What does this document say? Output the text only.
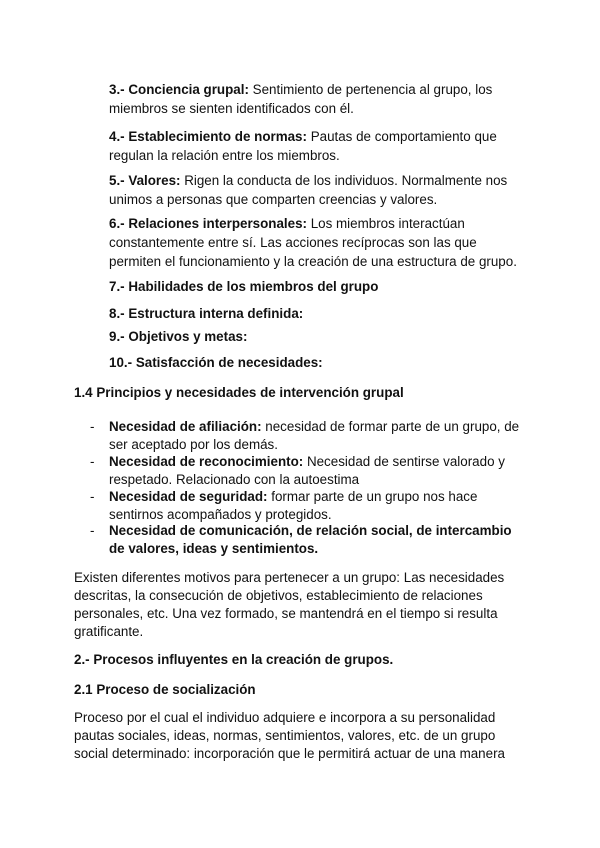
3.- Conciencia grupal: Sentimiento de pertenencia al grupo, los miembros se sienten identificados con él.
4.- Establecimiento de normas: Pautas de comportamiento que regulan la relación entre los miembros.
5.- Valores: Rigen la conducta de los individuos. Normalmente nos unimos a personas que comparten creencias y valores.
6.- Relaciones interpersonales: Los miembros interactúan constantemente entre sí. Las acciones recíprocas son las que permiten el funcionamiento y la creación de una estructura de grupo.
7.- Habilidades de los miembros del grupo
8.- Estructura interna definida:
9.- Objetivos y metas:
10.- Satisfacción de necesidades:
1.4 Principios y necesidades de intervención grupal
-	Necesidad de afiliación: necesidad de formar parte de un grupo, de ser aceptado por los demás.
-	Necesidad de reconocimiento: Necesidad de sentirse valorado y respetado. Relacionado con la autoestima
-	Necesidad de seguridad: formar parte de un grupo nos hace sentirnos acompañados y protegidos.
-	Necesidad de comunicación, de relación social, de intercambio de valores, ideas y sentimientos.
Existen diferentes motivos para pertenecer a un grupo: Las necesidades descritas, la consecución de objetivos, establecimiento de relaciones personales, etc. Una vez formado, se mantendrá en el tiempo si resulta gratificante.
2.- Procesos influyentes en la creación de grupos.
2.1 Proceso de socialización
Proceso por el cual el individuo adquiere e incorpora a su personalidad pautas sociales, ideas, normas, sentimientos, valores, etc. de un grupo social determinado: incorporación que le permitirá actuar de una manera
